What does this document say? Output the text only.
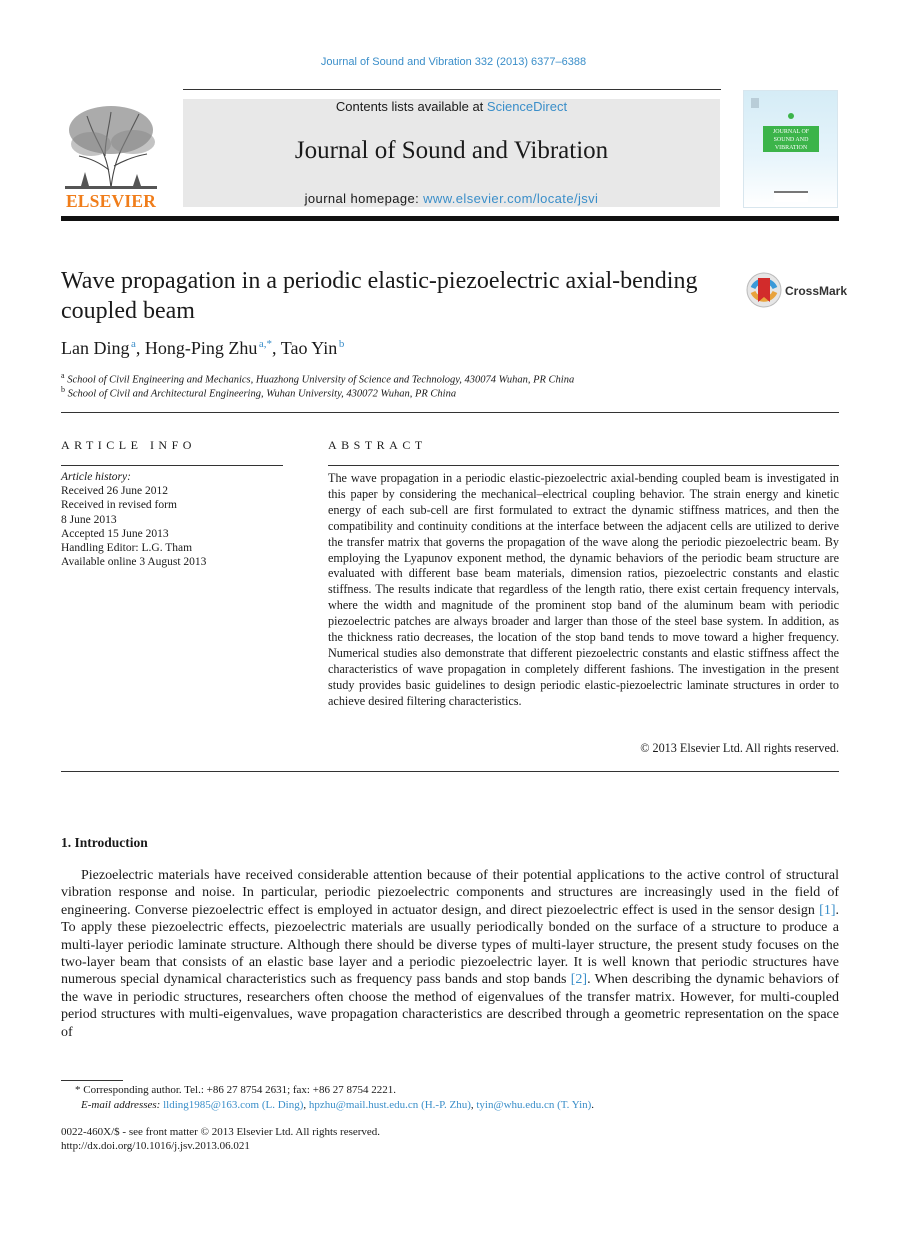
Journal of Sound and Vibration 332 (2013) 6377–6388
ELSEVIER
Contents lists available at ScienceDirect
Journal of Sound and Vibration
journal homepage: www.elsevier.com/locate/jsvi
JOURNAL OF SOUND AND VIBRATION
Wave propagation in a periodic elastic-piezoelectric axial-bending coupled beam
CrossMark
Lan Ding  $^a$, Hong-Ping Zhu  $^{a,*}$, Tao Yin  $^b$
$^a$ School of Civil Engineering and Mechanics, Huazhong University of Science and Technology, 430074 Wuhan, PR China
$^b$ School of Civil and Architectural Engineering, Wuhan University, 430072 Wuhan, PR China
ARTICLE INFO
Article history:
Received 26 June 2012
Received in revised form
8 June 2013
Accepted 15 June 2013
Handling Editor: L.G. Tham
Available online 3 August 2013
ABSTRACT
The wave propagation in a periodic elastic-piezoelectric axial-bending coupled beam is investigated in this paper by considering the mechanical–electrical coupling behavior. The strain energy and kinetic energy of each sub-cell are first formulated to extract the dynamic stiffness matrices, and then the compatibility and continuity conditions at the interface between the adjacent cells are utilized to derive the transfer matrix that governs the propagation of the wave along the periodic piezoelectric beam. By employing the Lyapunov exponent method, the dynamic behaviors of the periodic beam structure are evaluated with different base beam materials, dimension ratios, piezoelectric constants and elastic stiffness. The results indicate that regardless of the length ratio, there exist certain frequency intervals, where the width and magnitude of the prominent stop band of the aluminum beam with periodic piezoelectric patches are always broader and larger than those of the steel base system. In addition, as the thickness ratio decreases, the location of the stop band tends to move toward a higher frequency. Numerical studies also demonstrate that different piezoelectric constants and elastic stiffness affect the characteristics of wave propagation in completely different fashions. The investigation in the present study provides basic guidelines to design periodic elastic-piezoelectric laminate structures in order to achieve desired filtering characteristics.
© 2013 Elsevier Ltd. All rights reserved.
1. Introduction
Piezoelectric materials have received considerable attention because of their potential applications to the active control of structural vibration response and noise. In particular, periodic piezoelectric components and structures are increasingly used in the field of engineering. Converse piezoelectric effect is employed in actuator design, and direct piezoelectric effect is used in the sensor design [1]. To apply these piezoelectric effects, piezoelectric materials are usually periodically bonded on the surface of a structure to produce a multi-layer periodic laminate structure. Although there should be diverse types of multi-layer structure, the present study focuses on the two-layer beam that consists of an elastic base layer and a periodic piezoelectric layer. It is well known that periodic structures have numerous special dynamical characteristics such as frequency pass bands and stop bands [2]. When describing the dynamic behaviors of the wave in periodic structures, researchers often choose the method of eigenvalues of the transfer matrix. However, for multi-coupled period structures with multi-eigenvalues, wave propagation characteristics are described through a geometric representation on the space of
* Corresponding author. Tel.: +86 27 8754 2631; fax: +86 27 8754 2221.
E-mail addresses: llding1985@163.com (L. Ding), hpzhu@mail.hust.edu.cn (H.-P. Zhu), tyin@whu.edu.cn (T. Yin).
0022-460X/$ - see front matter © 2013 Elsevier Ltd. All rights reserved.
http://dx.doi.org/10.1016/j.jsv.2013.06.021
